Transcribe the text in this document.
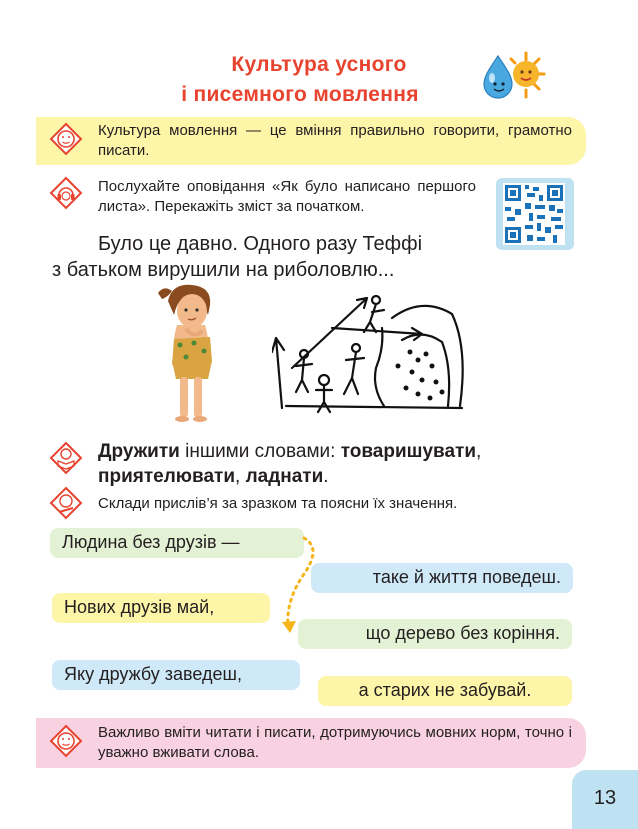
Культура усного
і писемного мовлення
Культура мовлення — це вміння правильно говорити, грамотно писати.
Послухайте оповідання «Як було написано першого листа». Перекажіть зміст за початком.
Було це давно. Одного разу Теффі
з батьком вирушили на риболовлю...
Дружити іншими словами: товаришувати,
приятелювати, ладнати.
Склади прислів’я за зразком та поясни їх значення.
Людина без друзів —
таке й життя поведеш.
Нових друзів май,
що дерево без коріння.
Яку дружбу заведеш,
а старих не забувай.
Важливо вміти читати і писати, дотримуючись мовних норм, точно і уважно вживати слова.
13
